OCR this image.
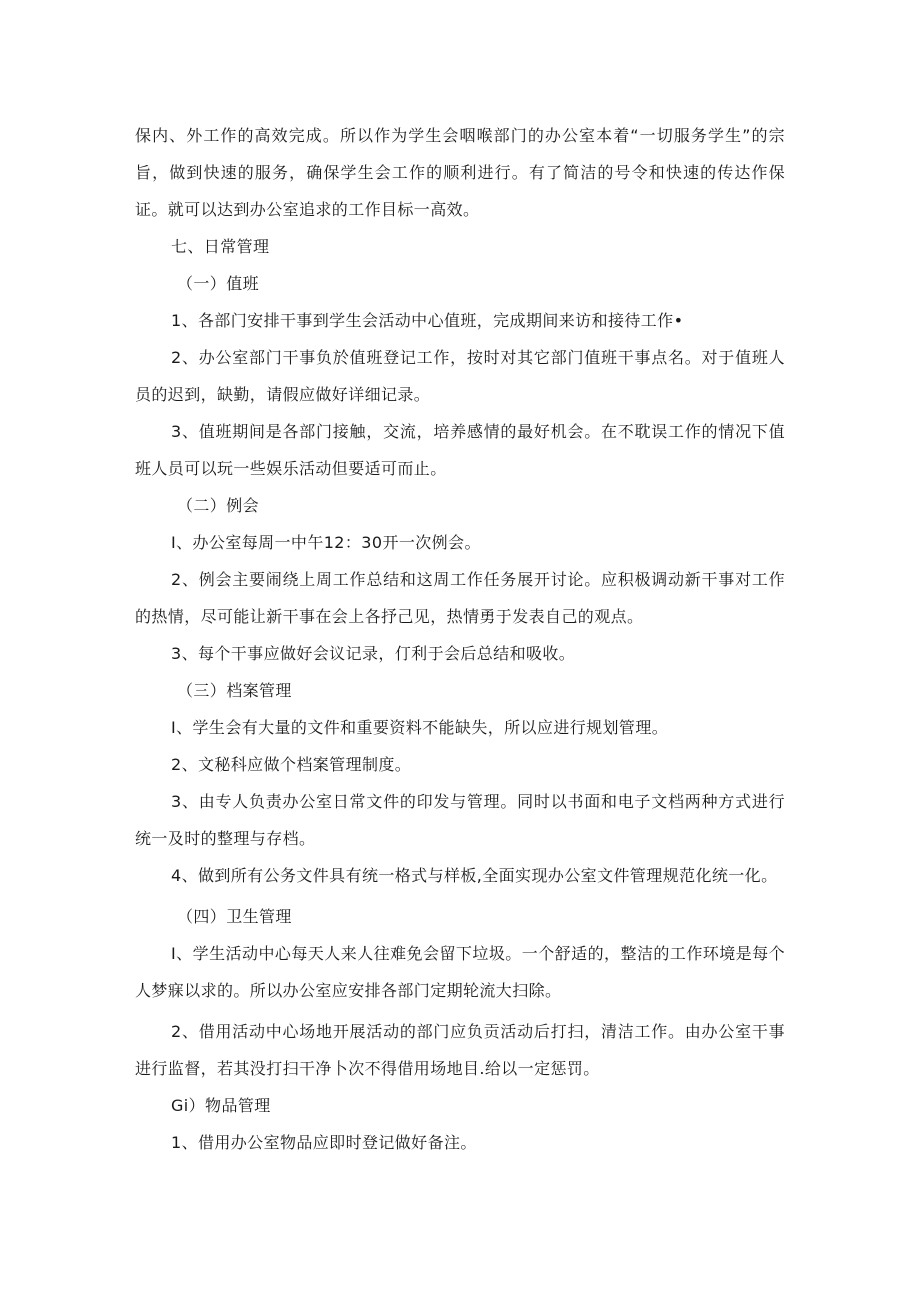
保内、外工作的高效完成。所以作为学生会咽喉部门的办公室本着“一切服务学生”的宗旨，做到快速的服务，确保学生会工作的顺利进行。有了简洁的号令和快速的传达作保证。就可以达到办公室追求的工作目标一高效。

七、日常管理

（一）值班

1、各部门安排干事到学生会活动中心值班，完成期间来访和接待工作•

2、办公室部门干事负於值班登记工作，按时对其它部门值班干事点名。对于值班人员的迟到，缺勤，请假应做好详细记录。

3、值班期间是各部门接触，交流，培养感情的最好机会。在不耽误工作的情况下值班人员可以玩一些娱乐活动但要适可而止。

（二）例会

I、办公室每周一中午12：30开一次例会。

2、例会主要闹绕上周工作总结和这周工作任务展开讨论。应积极调动新干事对工作的热情，尽可能让新干事在会上各抒己见，热情勇于发表自己的观点。

3、每个干事应做好会议记录，仃利于会后总结和吸收。

（三）档案管理

I、学生会有大量的文件和重要资料不能缺失，所以应进行规划管理。

2、文秘科应做个档案管理制度。

3、由专人负责办公室日常文件的印发与管理。同时以书面和电子文档两种方式进行统一及时的整理与存档。

4、做到所有公务文件具有统一格式与样板,全面实现办公室文件管理规范化统一化。

（四）卫生管理

I、学生活动中心每天人来人往难免会留下垃圾。一个舒适的，整洁的工作环境是每个人梦寐以求的。所以办公室应安排各部门定期轮流大扫除。

2、借用活动中心场地开展活动的部门应负贡活动后打扫，清洁工作。由办公室干事进行监督，若其没打扫干净卜次不得借用场地目.给以一定惩罚。

Gi）物品管理

1、借用办公室物品应即时登记做好备注。
